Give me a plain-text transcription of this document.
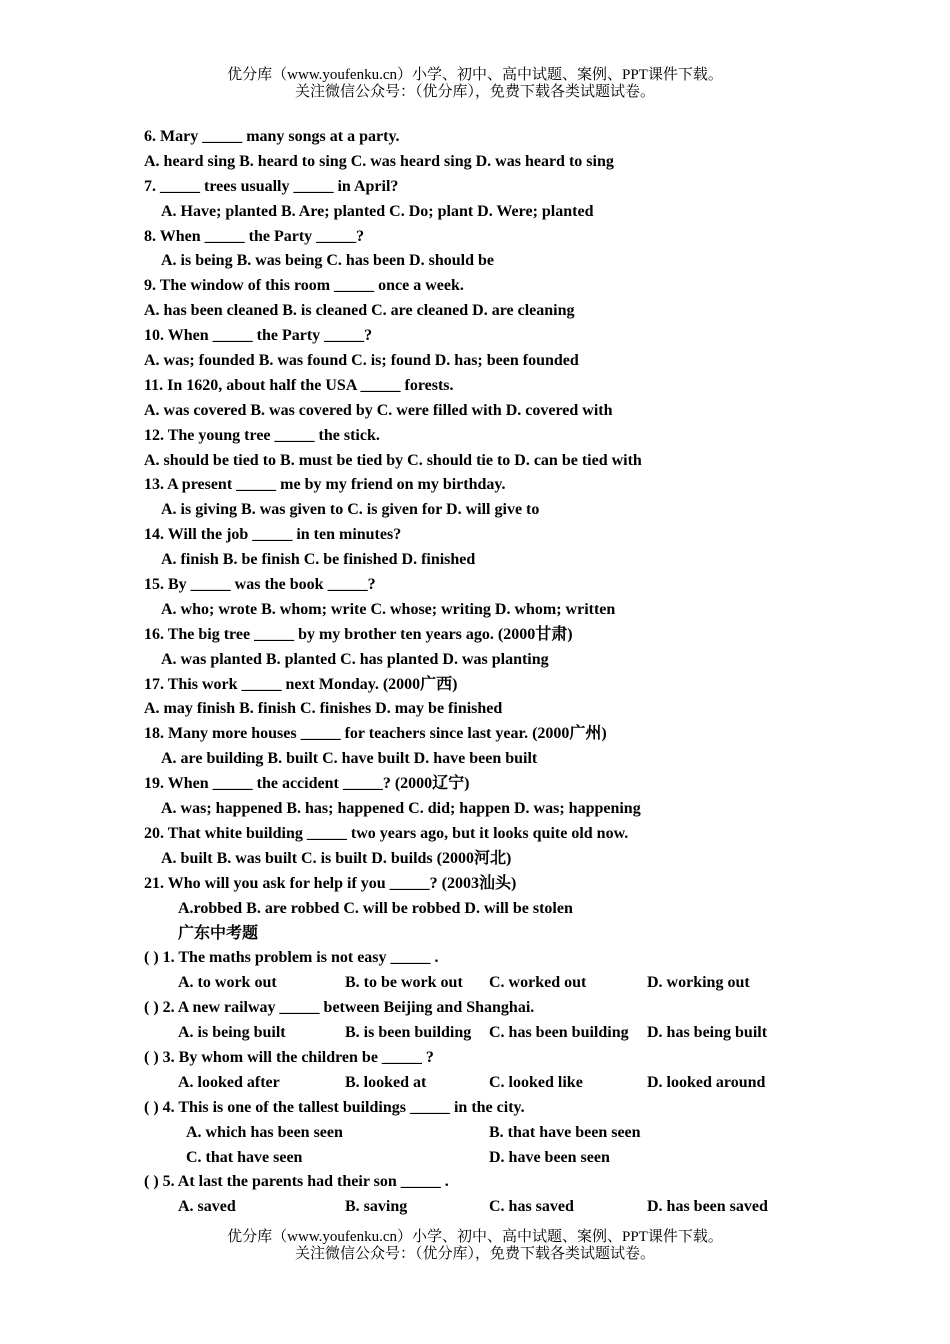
优分库（www.youfenku.cn）小学、初中、高中试题、案例、PPT课件下载。
关注微信公众号：（优分库），免费下载各类试题试卷。
6. Mary _____ many songs at a party.
A. heard sing B. heard to sing C. was heard sing D. was heard to sing
7. _____ trees usually _____ in April?
A. Have; planted B. Are; planted C. Do; plant D. Were; planted
8. When _____ the Party _____?
A. is being B. was being C. has been D. should be
9. The window of this room _____ once a week.
A. has been cleaned B. is cleaned C. are cleaned D. are cleaning
10. When _____ the Party _____?
A. was; founded B. was found C. is; found D. has; been founded
11. In 1620, about half the USA _____ forests.
A. was covered B. was covered by C. were filled with D. covered with
12. The young tree _____ the stick.
A. should be tied to B. must be tied by C. should tie to D. can be tied with
13. A present _____ me by my friend on my birthday.
A. is giving B. was given to C. is given for D. will give to
14. Will the job _____ in ten minutes?
A. finish B. be finish C. be finished D. finished
15. By _____ was the book _____?
A. who; wrote B. whom; write C. whose; writing D. whom; written
16. The big tree _____ by my brother ten years ago. (2000甘肃)
A. was planted B. planted C. has planted D. was planting
17. This work _____ next Monday. (2000广西)
A. may finish B. finish C. finishes D. may be finished
18. Many more houses _____ for teachers since last year. (2000广州)
A. are building B. built C. have built D. have been built
19. When _____ the accident _____? (2000辽宁)
A. was; happened B. has; happened C. did; happen D. was; happening
20. That white building _____ two years ago, but it looks quite old now.
A. built B. was built C. is built D. builds (2000河北)
21. Who will you ask for help if you _____? (2003汕头)
A.robbed B. are robbed C. will be robbed D. will be stolen
广东中考题
( ) 1. The maths problem is not easy _____ .
A. to work out	B. to be work out C. worked out	D. working out
( ) 2. A new railway _____ between Beijing and Shanghai.
A. is being built	B. is been building C. has been building D. has being built
( ) 3. By whom will the children be _____ ?
A. looked after	B. looked at	C. looked like	D. looked around
( ) 4. This is one of the tallest buildings _____ in the city.
A. which has been seen	B. that have been seen
C. that have seen	D. have been seen
( ) 5. At last the parents had their son _____ .
A. saved	B. saving	C. has saved	D. has been saved
优分库（www.youfenku.cn）小学、初中、高中试题、案例、PPT课件下载。
关注微信公众号：（优分库），免费下载各类试题试卷。
